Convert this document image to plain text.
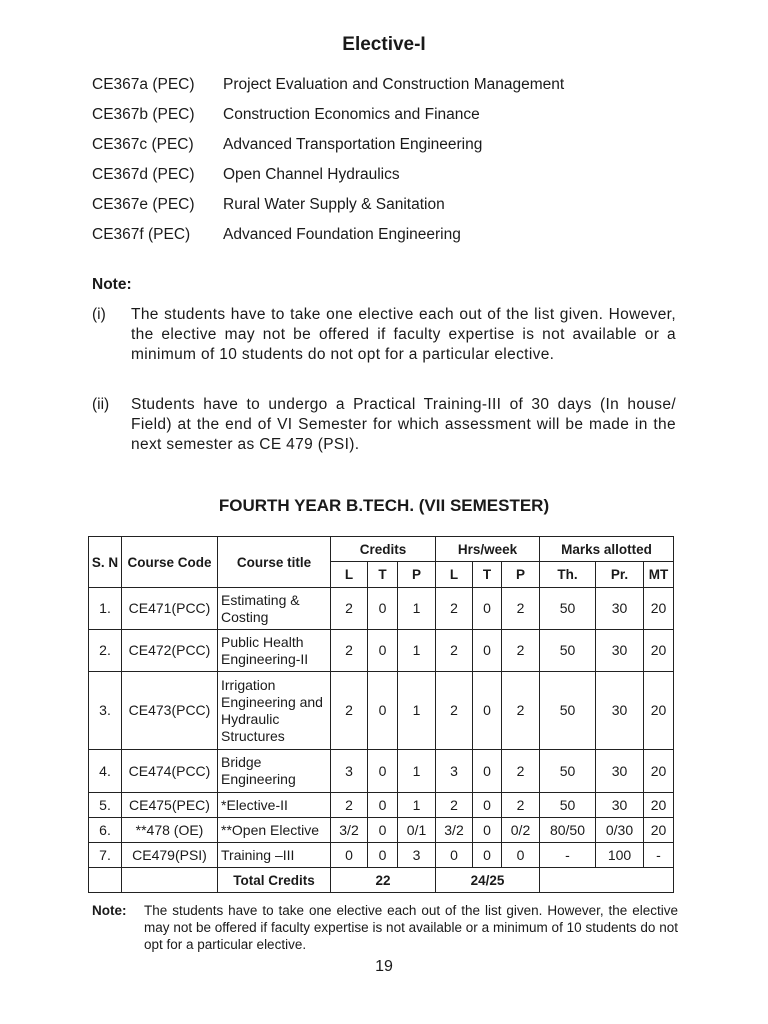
Elective-I
CE367a (PEC)	Project Evaluation and Construction Management
CE367b (PEC)	Construction Economics and Finance
CE367c (PEC)	Advanced Transportation Engineering
CE367d (PEC)	Open Channel Hydraulics
CE367e (PEC)	Rural Water Supply & Sanitation
CE367f (PEC)	Advanced Foundation Engineering
Note:
(i)	The students have to take one elective each out of the list given. However, the elective may not be offered if faculty expertise is not available or a minimum of 10 students do not opt for a particular elective.
(ii)	Students have to undergo a Practical Training-III of 30 days (In house/ Field) at the end of VI Semester for which assessment will be made in the next semester as CE 479 (PSI).
FOURTH YEAR B.TECH. (VII SEMESTER)
S. N	Course Code	Course title	Credits			Hrs/week			Marks allotted		
			L	T	P	L	T	P	Th.	Pr.	MT
1.	CE471(PCC)	Estimating & Costing	2	0	1	2	0	2	50	30	20
2.	CE472(PCC)	Public Health Engineering-II	2	0	1	2	0	2	50	30	20
3.	CE473(PCC)	Irrigation Engineering and Hydraulic Structures	2	0	1	2	0	2	50	30	20
4.	CE474(PCC)	Bridge Engineering	3	0	1	3	0	2	50	30	20
5.	CE475(PEC)	*Elective-II	2	0	1	2	0	2	50	30	20
6.	**478 (OE)	**Open Elective	3/2	0	0/1	3/2	0	0/2	80/50	0/30	20
7.	CE479(PSI)	Training –III	0	0	3	0	0	0	-	100	-
		Total Credits	22			24/25					
Note:	The students have to take one elective each out of the list given. However, the elective may not be offered if faculty expertise is not available or a minimum of 10 students do not opt for a particular elective.
19
